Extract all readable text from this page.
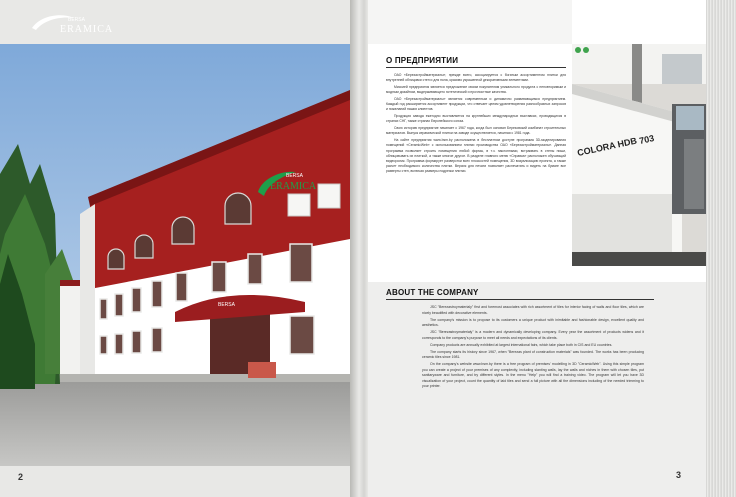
BERSA
ERAMICA
BERSA
BERSA
ERAMICA
2
О ПРЕДПРИЯТИИ

ОАО «Березастройматериалы», прежде всего, ассоциируется с богатым ассортиментом плитки для внутренней облицовки стен и для пола, красиво украшенной декоративными элементами.

Миссией предприятия является предложение своим покупателям уникального продукта с неповторимым и модным дизайном, выдерживающего эстетический и прочностные качества.

ОАО «Березастройматериалы» является современным и динамично развивающимся предприятием. Каждый год расширяется ассортимент продукции, что отвечает целям удовлетворения разнообразных запросов и пожеланий наших клиентов.

Продукция завода ежегодно выставляется на крупнейших международных выставках, проводящихся в странах СНГ, также странах Европейского союза.

Свою историю предприятие начинает с 1967 года, когда был основан Березовский комбинат строительных материалов. Выпуск керамической плитки на заводе осуществляется, начиная с 1981 года.

На сайте предприятия www.bsm.by расположена в бесплатном доступе программа 3D-моделирования помещений «CeramicWeb» с использованием плитки производства ОАО «Березастройматериалы». Данная программа позволяет строить помещения любой формы, в т.ч. наклонными, встраивать в стены ниши, облицовывать их плиткой, а также многое другое. В разделе главного меню «Справка» расположен обучающий видеоролик. Программа формирует разверстки всех плоскостей помещения, 3D визуализацию проекта, а также расчет необходимого количества плитки. Версия для печати позволяет распечатать и видеть на бумаге все разверты стен, включая размеры подрезки плитки.

COLORA HDB 703
ABOUT THE COMPANY

JSC "Berezastroymaterialy" first and foremost associates with rich assortment of tiles for interior facing of walls and floor tiles, which are nicely beautified with decorative elements.

The company's mission is to propose to its customers a unique product with inimitable and fashionable design, excellent quality and aesthetics.

JSC "Berezastroymaterialy" is a modern and dynamically developing company. Every year the assortment of products widens and it corresponds to the company's purpose to meet all needs and expectations of its clients.

Company products are annually exhibited at largest international fairs, which take place both in CIS and EU countries.

The company starts its history since 1967, when "Berezas plant of construction materials" was founded. The works has been producing ceramic tiles since 1981.

On the company's website www.bsm.by there is a free program of premises' modelling in 3D "CeramicWeb". Using this simple program you can create a project of your premises of any complexity, including slanting walls, lay the walls and niches in them with chosen tiles, put sanitaryware and furniture, and try different styles. In the menu "Help" you will find a training video. The program will let you have 3D visualization of your project, count the quantity of laid tiles and send a full picture with all the dimensions including of the needed trimming to your printer.

3
